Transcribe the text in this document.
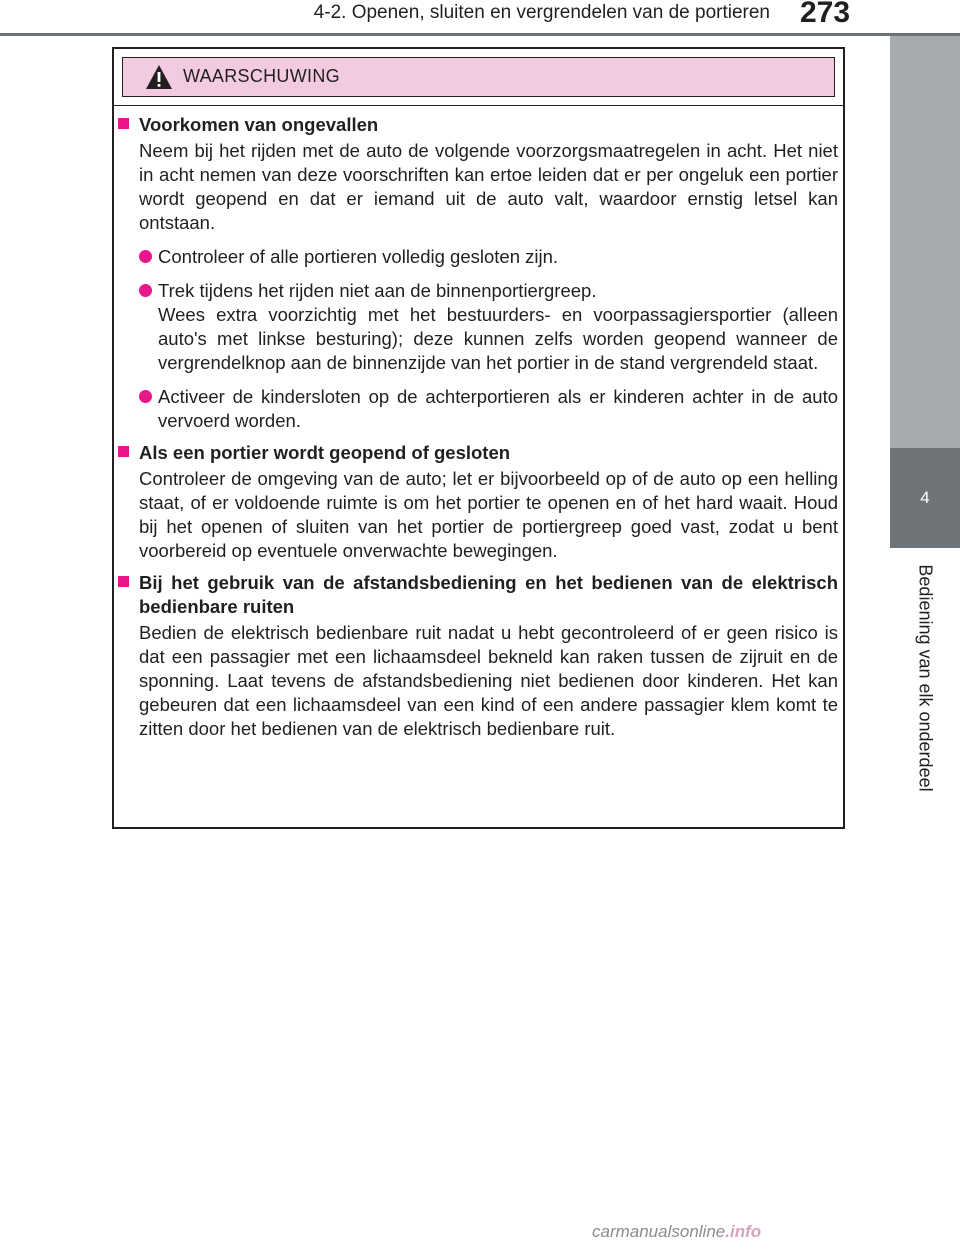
4-2. Openen, sluiten en vergrendelen van de portieren 273
4
Bediening van elk onderdeel
WAARSCHUWING
Voorkomen van ongevallen
Neem bij het rijden met de auto de volgende voorzorgsmaatregelen in acht. Het niet in acht nemen van deze voorschriften kan ertoe leiden dat er per ongeluk een portier wordt geopend en dat er iemand uit de auto valt, waardoor ernstig letsel kan ontstaan.
Controleer of alle portieren volledig gesloten zijn.
Trek tijdens het rijden niet aan de binnenportiergreep.
Wees extra voorzichtig met het bestuurders- en voorpassagiersportier (alleen auto's met linkse besturing); deze kunnen zelfs worden geopend wanneer de vergrendelknop aan de binnenzijde van het portier in de stand vergrendeld staat.
Activeer de kindersloten op de achterportieren als er kinderen achter in de auto vervoerd worden.
Als een portier wordt geopend of gesloten
Controleer de omgeving van de auto; let er bijvoorbeeld op of de auto op een helling staat, of er voldoende ruimte is om het portier te openen en of het hard waait. Houd bij het openen of sluiten van het portier de portiergreep goed vast, zodat u bent voorbereid op eventuele onverwachte bewegingen.
Bij het gebruik van de afstandsbediening en het bedienen van de elektrisch bedienbare ruiten
Bedien de elektrisch bedienbare ruit nadat u hebt gecontroleerd of er geen risico is dat een passagier met een lichaamsdeel bekneld kan raken tussen de zijruit en de sponning. Laat tevens de afstandsbediening niet bedienen door kinderen. Het kan gebeuren dat een lichaamsdeel van een kind of een andere passagier klem komt te zitten door het bedienen van de elektrisch bedienbare ruit.
carmanualsonline.info
